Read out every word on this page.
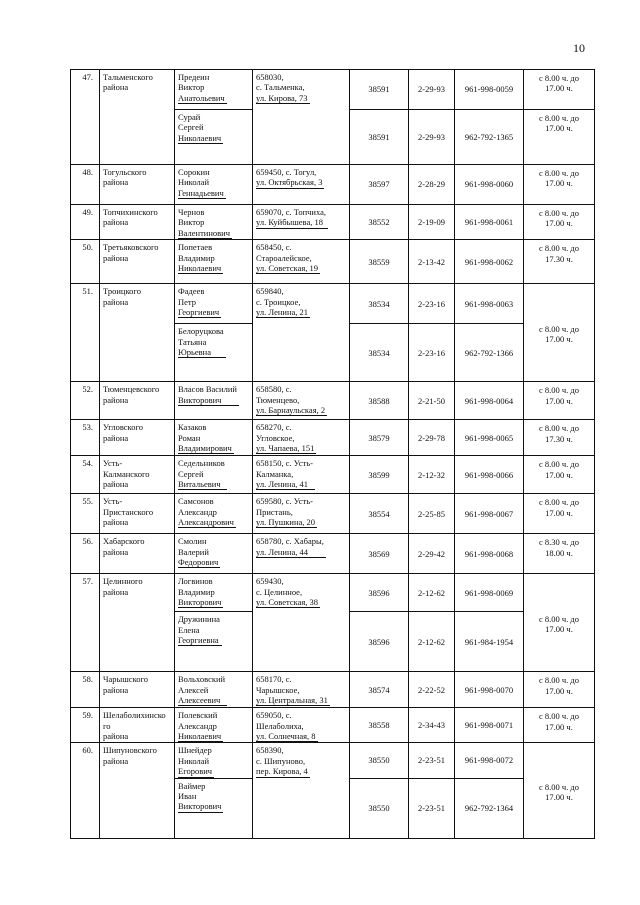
10
47.	Тальменского
района	Предеин
Виктор
Анатольевич	658030,
с. Тальменка,
ул. Кирова, 73	38591	2-29-93	961-998-0059	с 8.00 ч. до
17.00 ч.
		Сурай
Сергей
Николаевич		38591	2-29-93	962-792-1365	с 8.00 ч. до
17.00 ч.
48.	Тогульского
района	Сорокин
Николай
Геннадьевич	659450, с. Тогул,
ул. Октябрьская, 3	38597	2-28-29	961-998-0060	с 8.00 ч. до
17.00 ч.
49.	Топчихинского
района	Чернов
Виктор
Валентинович	659070, с. Топчиха,
ул. Куйбышева, 18	38552	2-19-09	961-998-0061	с 8.00 ч. до
17.00 ч.
50.	Третьяковского
района	Попетаев
Владимир
Николаевич	658450, с.
Староалейское,
ул. Советская, 19	38559	2-13-42	961-998-0062	с 8.00 ч. до
17.30 ч.
51.	Троицкого
района	Фадеев
Петр
Георгиевич	659840,
с. Троицкое,
ул. Ленина, 21	38534	2-23-16	961-998-0063	с 8.00 ч. до
17.00 ч.
		Белоруцкова
Татьяна
Юрьевна		38534	2-23-16	962-792-1366	
52.	Тюменцевского
района	Власов Василий
Викторович	658580, с.
Тюменцево,
ул. Барнаульская, 2	38588	2-21-50	961-998-0064	с 8.00 ч. до
17.00 ч.
53.	Угловского
района	Казаков
Роман
Владимирович	658270, с.
Угловское,
ул. Чапаева, 151	38579	2-29-78	961-998-0065	с 8.00 ч. до
17.30 ч.
54.	Усть-
Калманского
района	Седельников
Сергей
Витальевич	658150, с. Усть-
Калманка,
ул. Ленина, 41	38599	2-12-32	961-998-0066	с 8.00 ч. до
17.00 ч.
55.	Усть-
Пристанского
района	Самсонов
Александр
Александрович	659580, с. Усть-
Пристань,
ул. Пушкина, 20	38554	2-25-85	961-998-0067	с 8.00 ч. до
17.00 ч.
56.	Хабарского
района	Смолин
Валерий
Федорович	658780, с. Хабары,
ул. Ленина, 44	38569	2-29-42	961-998-0068	с 8.30 ч. до
18.00 ч.
57.	Целинного
района	Логвинов
Владимир
Викторович	659430,
с. Целинное,
ул. Советская, 38	38596	2-12-62	961-998-0069	с 8.00 ч. до
17.00 ч.
		Дружинина
Елена
Георгиевна		38596	2-12-62	961-984-1954	
58.	Чарышского
района	Вольховский
Алексей
Алексеевич	658170, с.
Чарышское,
ул. Центральная, 31	38574	2-22-52	961-998-0070	с 8.00 ч. до
17.00 ч.
59.	Шелаболихинско
го
района	Полевский
Александр
Николаевич	659050, с.
Шелаболиха,
ул. Солнечная, 8	38558	2-34-43	961-998-0071	с 8.00 ч. до
17.00 ч.
60.	Шипуновского
района	Шнейдер
Николай
Егорович	658390,
с. Шипуново,
пер. Кирова, 4	38550	2-23-51	961-998-0072	с 8.00 ч. до
17.00 ч.
		Ваймер
Иван
Викторович		38550	2-23-51	962-792-1364	
